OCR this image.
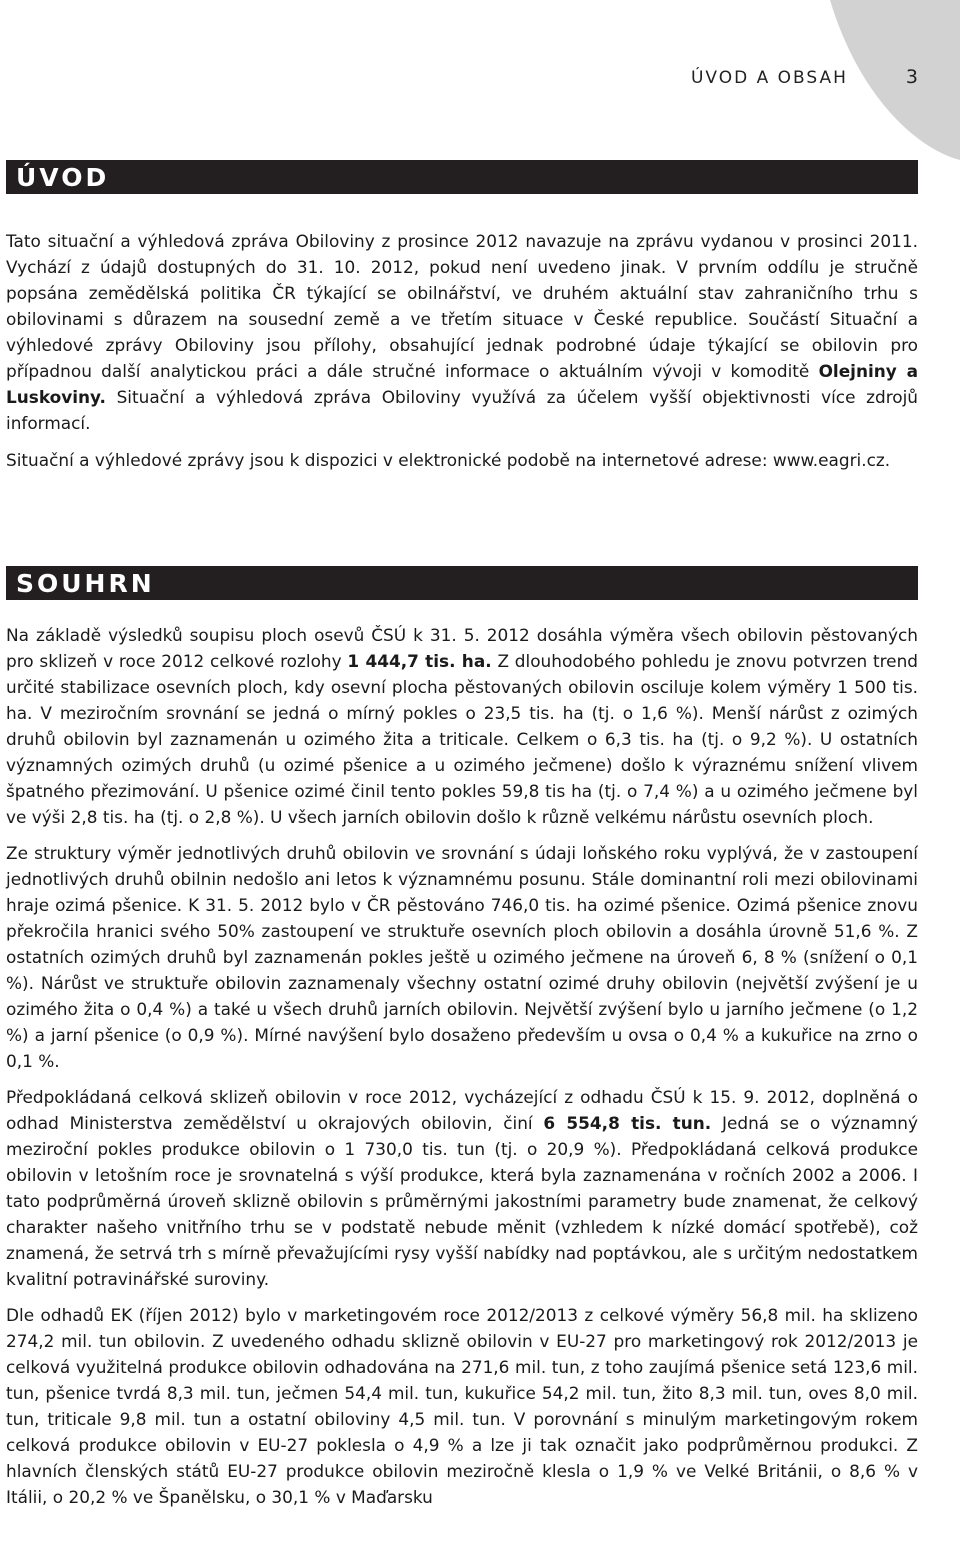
ÚVOD A OBSAH	3
ÚVOD

Tato situační a výhledová zpráva Obiloviny z prosince 2012 navazuje na zprávu vydanou v prosinci 2011. Vychází z údajů dostupných do 31. 10. 2012, pokud není uvedeno jinak. V prvním oddílu je stručně popsána zemědělská politika ČR týkající se obilnářství, ve druhém aktuální stav zahraničního trhu s obilovinami s důrazem na sousední země a ve třetím situace v České republice. Součástí Situační a výhledové zprávy Obiloviny jsou přílohy, obsahující jednak podrobné údaje týkající se obilovin pro případnou další analytickou práci a dále stručné informace o aktuálním vývoji v komoditě Olejniny a Luskoviny. Situační a výhledová zpráva Obiloviny využívá za účelem vyšší objektivnosti více zdrojů informací.

Situační a výhledové zprávy jsou k dispozici v elektronické podobě na internetové adrese: www.eagri.cz.

SOUHRN

Na základě výsledků soupisu ploch osevů ČSÚ k 31. 5. 2012 dosáhla výměra všech obilovin pěstovaných pro sklizeň v roce 2012 celkové rozlohy 1 444,7 tis. ha. Z dlouhodobého pohledu je znovu potvrzen trend určité stabilizace osevních ploch, kdy osevní plocha pěstovaných obilovin osciluje kolem výměry 1 500 tis. ha. V meziročním srovnání se jedná o mírný pokles o 23,5 tis. ha (tj. o 1,6 %). Menší nárůst z ozimých druhů obilovin byl zaznamenán u ozimého žita a triticale. Celkem o 6,3 tis. ha (tj. o 9,2 %). U ostatních významných ozimých druhů (u ozimé pšenice a u ozimého ječmene) došlo k výraznému snížení vlivem špatného přezimování. U pšenice ozimé činil tento pokles 59,8 tis ha (tj. o 7,4 %) a u ozimého ječmene byl ve výši 2,8 tis. ha (tj. o 2,8 %). U všech jarních obilovin došlo k různě velkému nárůstu osevních ploch.

Ze struktury výměr jednotlivých druhů obilovin ve srovnání s údaji loňského roku vyplývá, že v zastoupení jednotlivých druhů obilnin nedošlo ani letos k významnému posunu. Stále dominantní roli mezi obilovinami hraje ozimá pšenice. K 31. 5. 2012 bylo v ČR pěstováno 746,0 tis. ha ozimé pšenice. Ozimá pšenice znovu překročila hranici svého 50% zastoupení ve struktuře osevních ploch obilovin a dosáhla úrovně 51,6 %. Z ostatních ozimých druhů byl zaznamenán pokles ještě u ozimého ječmene na úroveň 6, 8 % (snížení o 0,1 %). Nárůst ve struktuře obilovin zaznamenaly všechny ostatní ozimé druhy obilovin (největší zvýšení je u ozimého žita o 0,4 %) a také u všech druhů jarních obilovin. Největší zvýšení bylo u jarního ječmene (o 1,2 %) a jarní pšenice (o 0,9 %). Mírné navýšení bylo dosaženo především u ovsa o 0,4 % a kukuřice na zrno o 0,1 %.

Předpokládaná celková sklizeň obilovin v roce 2012, vycházející z odhadu ČSÚ k 15. 9. 2012, doplněná o odhad Ministerstva zemědělství u okrajových obilovin, činí 6 554,8 tis. tun. Jedná se o významný meziroční pokles produkce obilovin o 1 730,0 tis. tun (tj. o 20,9 %). Předpokládaná celková produkce obilovin v letošním roce je srovnatelná s výší produkce, která byla zaznamenána v ročních 2002 a 2006. I tato podprůměrná úroveň sklizně obilovin s průměrnými jakostními parametry bude znamenat, že celkový charakter našeho vnitřního trhu se v podstatě nebude měnit (vzhledem k nízké domácí spotřebě), což znamená, že setrvá trh s mírně převažujícími rysy vyšší nabídky nad poptávkou, ale s určitým nedostatkem kvalitní potravinářské suroviny.

Dle odhadů EK (říjen 2012) bylo v marketingovém roce 2012/2013 z celkové výměry 56,8 mil. ha sklizeno 274,2 mil. tun obilovin. Z uvedeného odhadu sklizně obilovin v EU-27 pro marketingový rok 2012/2013 je celková využitelná produkce obilovin odhadována na 271,6 mil. tun, z toho zaujímá pšenice setá 123,6 mil. tun, pšenice tvrdá 8,3 mil. tun, ječmen 54,4 mil. tun, kukuřice 54,2 mil. tun, žito 8,3 mil. tun, oves 8,0 mil. tun, triticale 9,8 mil. tun a ostatní obiloviny 4,5 mil. tun. V porovnání s minulým marketingovým rokem celková produkce obilovin v EU-27 poklesla o 4,9 % a lze ji tak označit jako podprůměrnou produkci. Z hlavních členských států EU-27 produkce obilovin meziročně klesla o 1,9 % ve Velké Británii, o 8,6 % v Itálii, o 20,2 % ve Španělsku, o 30,1 % v Maďarsku
